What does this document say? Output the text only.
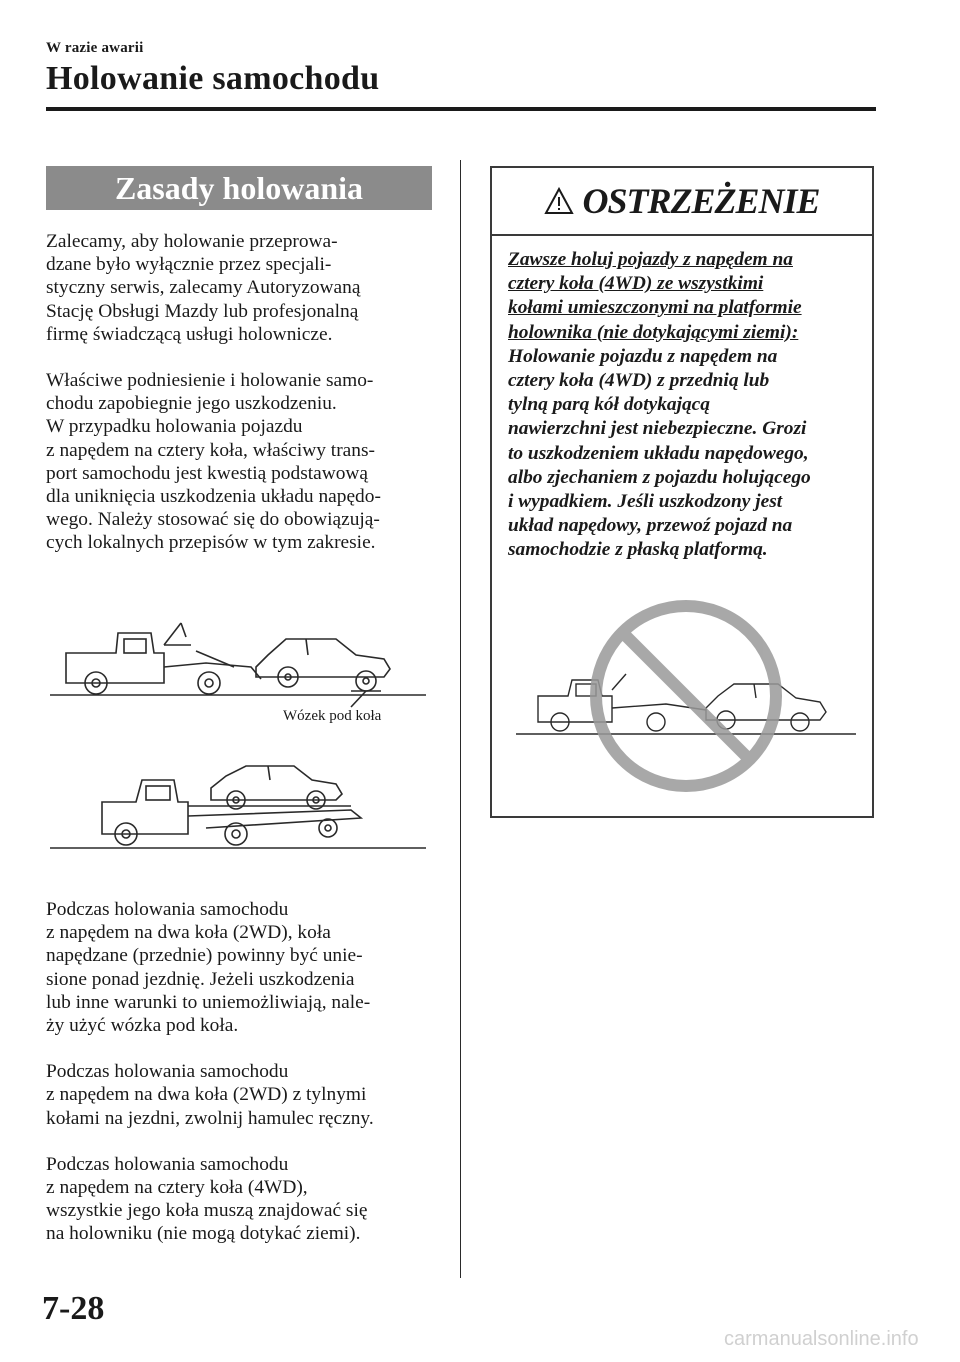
W razie awarii
Holowanie samochodu
Zasady holowania

Zalecamy, aby holowanie przeprowa-
dzane było wyłącznie przez specjali-
styczny serwis, zalecamy Autoryzowaną
Stację Obsługi Mazdy lub profesjonalną
firmę świadczącą usługi holownicze.

Właściwe podniesienie i holowanie samo-
chodu zapobiegnie jego uszkodzeniu.
W przypadku holowania pojazdu
z napędem na cztery koła, właściwy trans-
port samochodu jest kwestią podstawową
dla uniknięcia uszkodzenia układu napędo-
wego. Należy stosować się do obowiązują-
cych lokalnych przepisów w tym zakresie.

Wózek pod koła

Podczas holowania samochodu
z napędem na dwa koła (2WD), koła
napędzane (przednie) powinny być unie-
sione ponad jezdnię. Jeżeli uszkodzenia
lub inne warunki to uniemożliwiają, nale-
ży użyć wózka pod koła.

Podczas holowania samochodu
z napędem na dwa koła (2WD) z tylnymi
kołami na jezdni, zwolnij hamulec ręczny.

Podczas holowania samochodu
z napędem na cztery koła (4WD),
wszystkie jego koła muszą znajdować się
na holowniku (nie mogą dotykać ziemi).

OSTRZEŻENIE
Zawsze holuj pojazdy z napędem na
cztery koła (4WD) ze wszystkimi
kołami umieszczonymi na platformie
holownika (nie dotykającymi ziemi):
Holowanie pojazdu z napędem na
cztery koła (4WD) z przednią lub
tylną parą kół dotykającą
nawierzchni jest niebezpieczne. Grozi
to uszkodzeniem układu napędowego,
albo zjechaniem z pojazdu holującego
i wypadkiem. Jeśli uszkodzony jest
układ napędowy, przewoź pojazd na
samochodzie z płaską platformą.
7-28
carmanualsonline.info
